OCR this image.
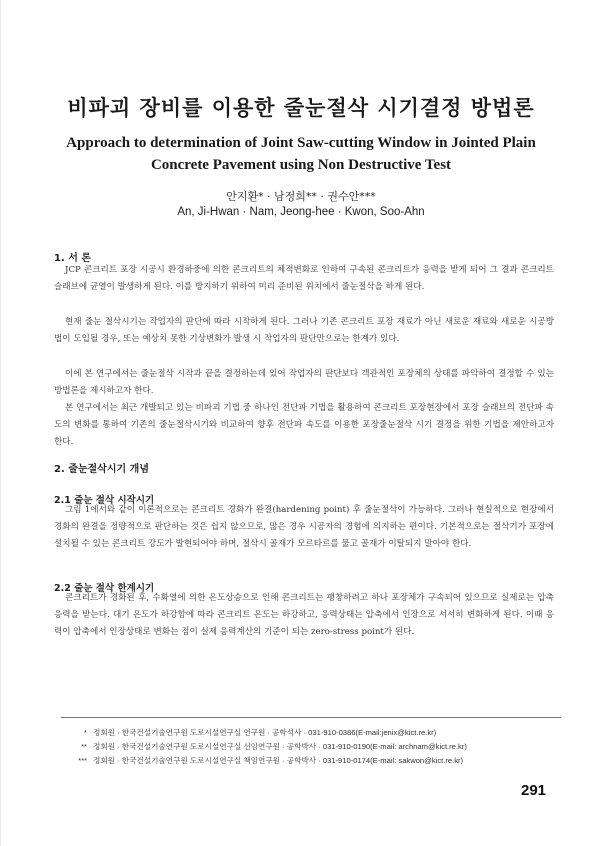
비파괴 장비를 이용한 줄눈절삭 시기결정 방법론
Approach to determination of Joint Saw-cutting Window in Jointed Plain Concrete Pavement using Non Destructive Test
안지환* · 남정희** · 권수안***
An, Ji-Hwan · Nam, Jeong-hee · Kwon, Soo-Ahn
1. 서 론

JCP 콘크리트 포장 시공시 환경하중에 의한 콘크리트의 체적변화로 인하여 구속된 콘크리트가 응력을 받게 되어 그 결과 콘크리트 슬래브에 균열이 발생하게 된다. 이를 방지하기 위하여 미리 준비된 위치에서 줄눈절삭을 하게 된다.

현재 줄눈 절삭시기는 작업자의 판단에 따라 시작하게 된다. 그러나 기존 콘크리트 포장 재료가 아닌 새로운 재료와 새로운 시공방법이 도입될 경우, 또는 예상치 못한 기상변화가 발생 시 작업자의 판단만으로는 한계가 있다.

이에 본 연구에서는 줄눈절삭 시작과 끝을 결정하는데 있어 작업자의 판단보다 객관적인 포장체의 상태를 파악하여 결정할 수 있는 방법론을 제시하고자 한다.

본 연구에서는 최근 개발되고 있는 비파괴 기법 중 하나인 전단파 기법을 활용하여 콘크리트 포장현장에서 포장 슬래브의 전단파 속도의 변화를 통하여 기존의 줄눈절삭시기와 비교하여 향후 전단파 속도를 이용한 포장줄눈절삭 시기 결정을 위한 기법을 제안하고자 한다.

2. 줄눈절삭시기 개념
2.1 줄눈 절삭 시작시기

그림 1에서와 같이 이론적으로는 콘크리트 경화가 완결(hardening point) 후 줄눈절삭이 가능하다. 그러나 현실적으로 현장에서 경화의 완결을 정량적으로 판단하는 것은 쉽지 않으므로, 많은 경우 시공자의 경험에 의지하는 편이다. 기본적으로는 절삭기가 포장에 설치될 수 있는 콘크리트 강도가 발현되어야 하며, 절삭시 골재가 모르타르를 물고 골재가 이탈되지 말아야 한다.

2.2 줄눈 절삭 한계시기

콘크리트가 경화된 후, 수화열에 의한 온도상승으로 인해 콘크리트는 팽창하려고 하나 포장체가 구속되어 있으므로 실제로는 압축응력을 받는다. 대기 온도가 하강함에 따라 콘크리트 온도는 하강하고, 응력상태는 압축에서 인장으로 서서히 변화하게 된다. 이때 응력이 압축에서 인장상태로 변화는 점이 실제 응력계산의 기준이 되는 zero-stress point가 된다.

* 정회원 · 한국건설기술연구원 도로시설연구실 연구원 · 공학석사 · 031-910-0386(E-mail:jenix@kict.re.kr)
** 정회원 · 한국건설기술연구원 도로시설연구실 선임연구원 · 공학박사 · 031-910-0190(E-mail: archnam@kict.re.kr)
*** 정회원 · 한국건설기술연구원 도로시설연구실 책임연구원 · 공학박사 · 031-910-0174(E-mail: sakwon@kict.re.kr)
291
